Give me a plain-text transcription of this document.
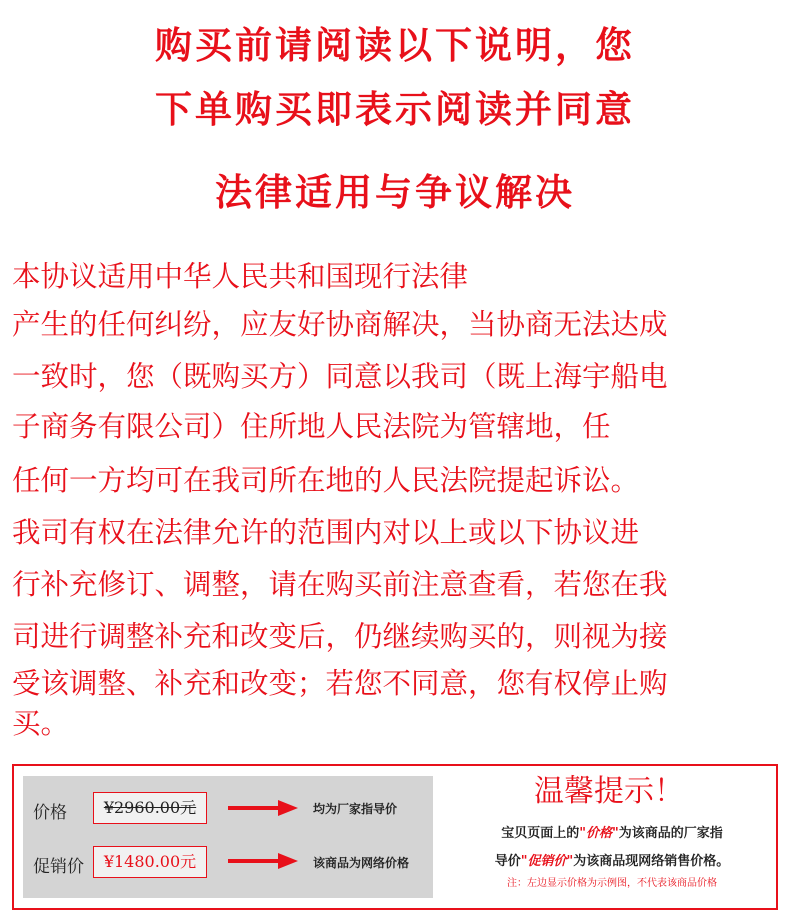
购买前请阅读以下说明，您
下单购买即表示阅读并同意
法律适用与争议解决
本协议适用中华人民共和国现行法律
产生的任何纠纷，应友好协商解决，当协商无法达成
一致时，您（既购买方）同意以我司（既上海宇船电
子商务有限公司）住所地人民法院为管辖地，任
任何一方均可在我司所在地的人民法院提起诉讼。
我司有权在法律允许的范围内对以上或以下协议进
行补充修订、调整，请在购买前注意查看，若您在我
司进行调整补充和改变后，仍继续购买的，则视为接
受该调整、补充和改变；若您不同意，您有权停止购
买。
价格	¥2960.00元	均为厂家指导价
促销价	¥1480.00元	该商品为网络价格
温馨提示！
宝贝页面上的"价格"为该商品的厂家指
导价"促销价"为该商品现网络销售价格。
注：左边显示价格为示例图，不代表该商品价格
